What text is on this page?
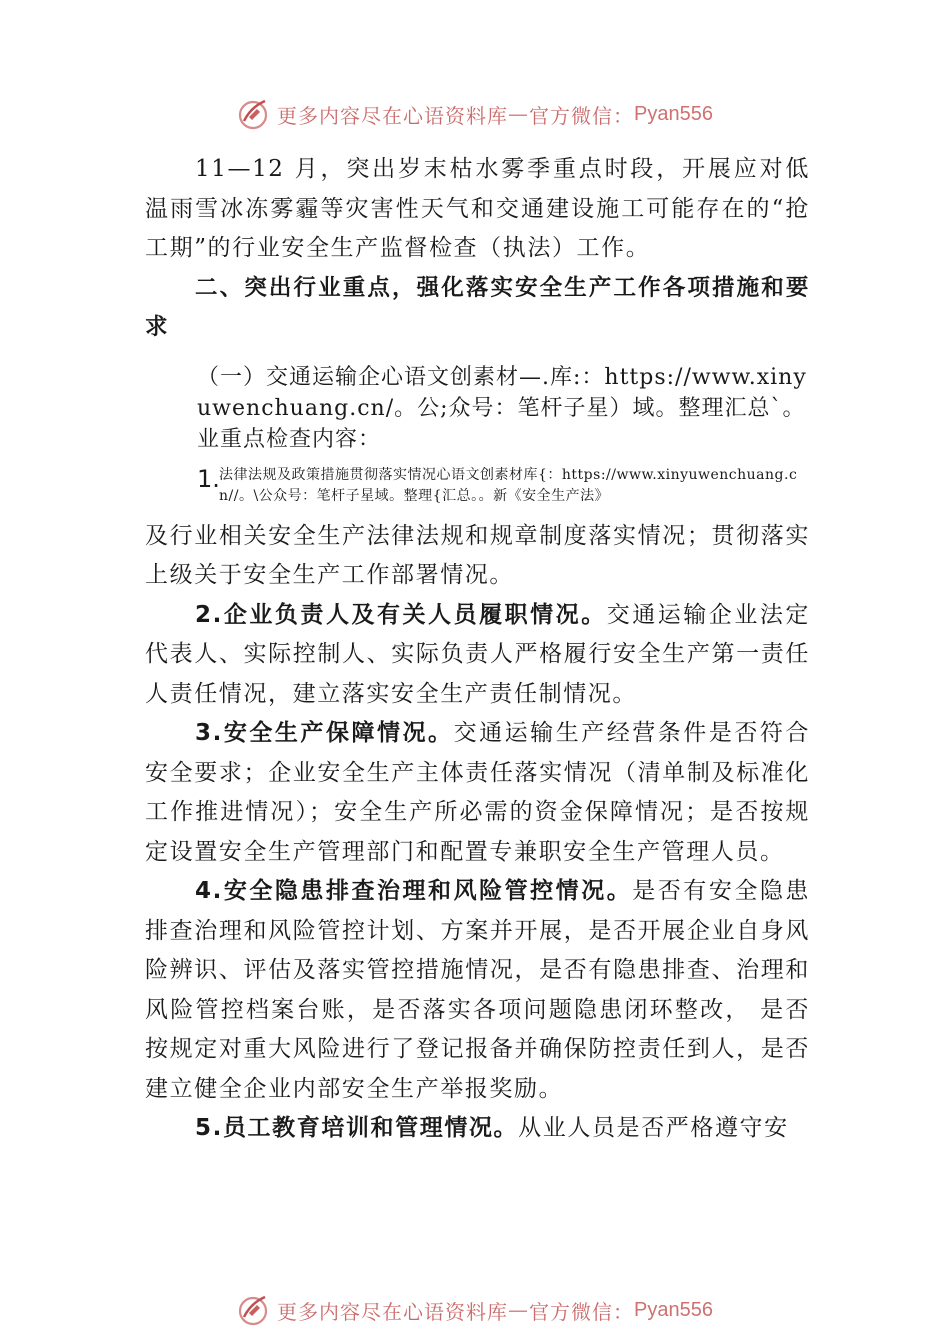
更多内容尽在心语资料库 — 官方微信： Pyan556

11—12 月，突出岁末枯水雾季重点时段，开展应对低温雨雪冰冻雾霾等灾害性天气和交通建设施工可能存在的“抢工期”的行业安全生产监督检查（执法）工作。

二、突出行业重点，强化落实安全生产工作各项措施和要求

（一）交通运输企心语文创素材—.库:：https://www.xinyuwenchuang.cn/。公;众号：笔杆子星）域。整理汇总`。业重点检查内容：

1. 法律法规及政策措施贯彻落实情况心语文创素材库{：https://www.xinyuwenchuang.cn//。\公众号：笔杆子星域。整理{汇总。。新《安全生产法》

及行业相关安全生产法律法规和规章制度落实情况；贯彻落实上级关于安全生产工作部署情况。

2.企业负责人及有关人员履职情况。交通运输企业法定代表人、实际控制人、实际负责人严格履行安全生产第一责任人责任情况，建立落实安全生产责任制情况。

3.安全生产保障情况。交通运输生产经营条件是否符合安全要求；企业安全生产主体责任落实情况（清单制及标准化工作推进情况）；安全生产所必需的资金保障情况；是否按规定设置安全生产管理部门和配置专兼职安全生产管理人员。

4.安全隐患排查治理和风险管控情况。是否有安全隐患排查治理和风险管控计划、方案并开展，是否开展企业自身风险辨识、评估及落实管控措施情况，是否有隐患排查、治理和风险管控档案台账，是否落实各项问题隐患闭环整改， 是否按规定对重大风险进行了登记报备并确保防控责任到人，是否建立健全企业内部安全生产举报奖励。

5.员工教育培训和管理情况。从业人员是否严格遵守安

更多内容尽在心语资料库 — 官方微信： Pyan556
